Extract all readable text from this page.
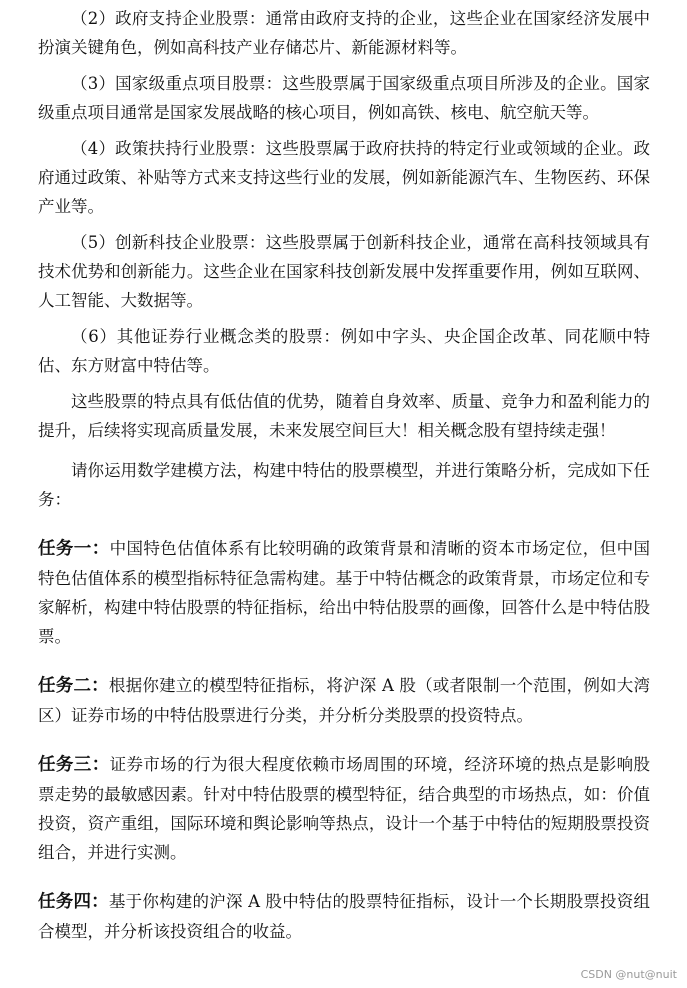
（2）政府支持企业股票：通常由政府支持的企业，这些企业在国家经济发展中扮演关键角色，例如高科技产业存储芯片、新能源材料等。

（3）国家级重点项目股票：这些股票属于国家级重点项目所涉及的企业。国家级重点项目通常是国家发展战略的核心项目，例如高铁、核电、航空航天等。

（4）政策扶持行业股票：这些股票属于政府扶持的特定行业或领域的企业。政府通过政策、补贴等方式来支持这些行业的发展，例如新能源汽车、生物医药、环保产业等。

（5）创新科技企业股票：这些股票属于创新科技企业，通常在高科技领域具有技术优势和创新能力。这些企业在国家科技创新发展中发挥重要作用，例如互联网、人工智能、大数据等。

（6）其他证券行业概念类的股票：例如中字头、央企国企改革、同花顺中特估、东方财富中特估等。

这些股票的特点具有低估值的优势，随着自身效率、质量、竞争力和盈利能力的提升，后续将实现高质量发展，未来发展空间巨大！相关概念股有望持续走强！

请你运用数学建模方法，构建中特估的股票模型，并进行策略分析，完成如下任务：

任务一：中国特色估值体系有比较明确的政策背景和清晰的资本市场定位，但中国特色估值体系的模型指标特征急需构建。基于中特估概念的政策背景，市场定位和专家解析，构建中特估股票的特征指标，给出中特估股票的画像，回答什么是中特估股票。

任务二：根据你建立的模型特征指标，将沪深 A 股（或者限制一个范围，例如大湾区）证券市场的中特估股票进行分类，并分析分类股票的投资特点。

任务三：证券市场的行为很大程度依赖市场周围的环境，经济环境的热点是影响股票走势的最敏感因素。针对中特估股票的模型特征，结合典型的市场热点，如：价值投资，资产重组，国际环境和舆论影响等热点，设计一个基于中特估的短期股票投资组合，并进行实测。

任务四：基于你构建的沪深 A 股中特估的股票特征指标，设计一个长期股票投资组合模型，并分析该投资组合的收益。

CSDN @nut@nuit
